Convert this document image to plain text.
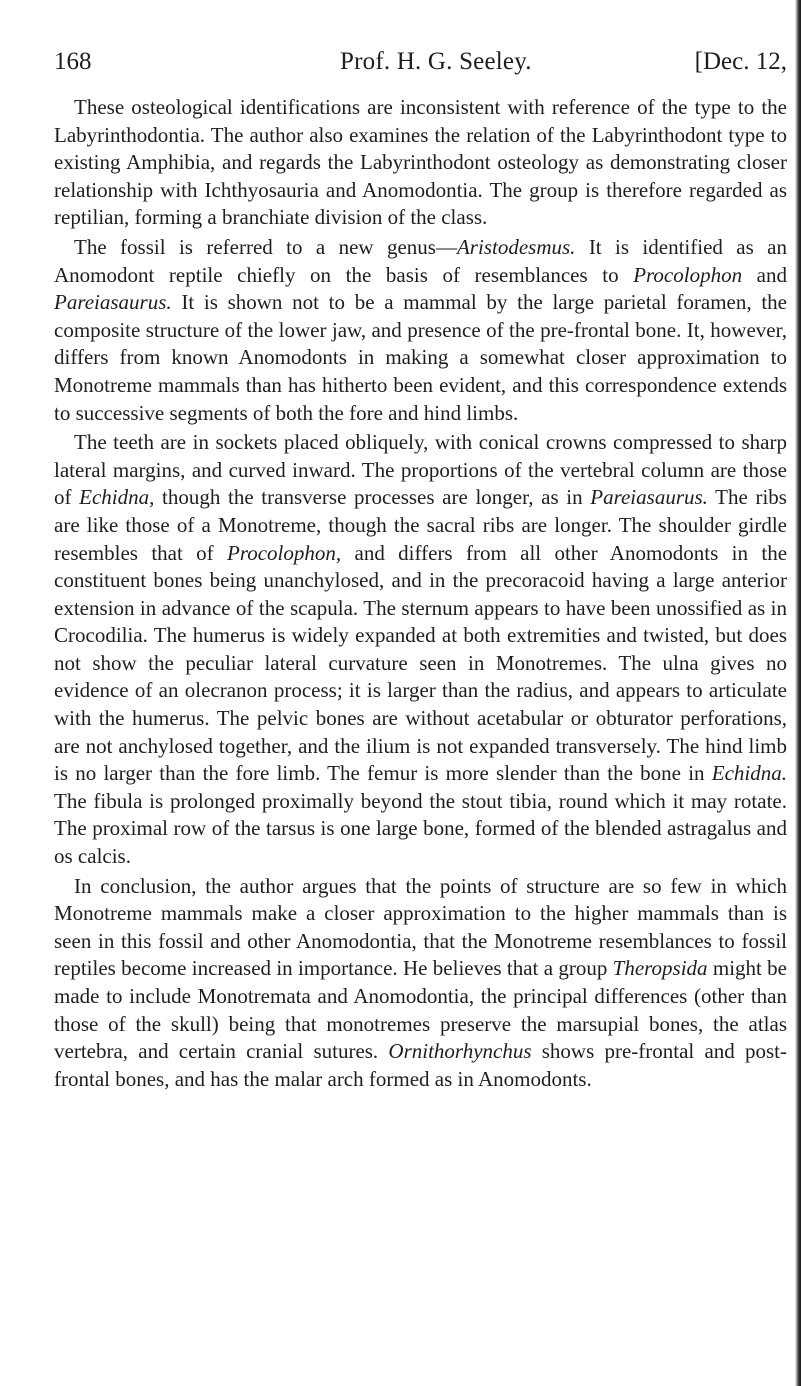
168	Prof. H. G. Seeley.	[Dec. 12,

These osteological identifications are inconsistent with reference of the type to the Labyrinthodontia. The author also examines the relation of the Labyrinthodont type to existing Amphibia, and regards the Labyrinthodont osteology as demonstrating closer relationship with Ichthyosauria and Anomodontia. The group is therefore regarded as reptilian, forming a branchiate division of the class.

The fossil is referred to a new genus—Aristodesmus. It is identified as an Anomodont reptile chiefly on the basis of resemblances to Procolophon and Pareiasaurus. It is shown not to be a mammal by the large parietal foramen, the composite structure of the lower jaw, and presence of the pre-frontal bone. It, however, differs from known Anomodonts in making a somewhat closer approximation to Monotreme mammals than has hitherto been evident, and this correspondence extends to successive segments of both the fore and hind limbs.

The teeth are in sockets placed obliquely, with conical crowns compressed to sharp lateral margins, and curved inward. The proportions of the vertebral column are those of Echidna, though the transverse processes are longer, as in Pareiasaurus. The ribs are like those of a Monotreme, though the sacral ribs are longer. The shoulder girdle resembles that of Procolophon, and differs from all other Anomodonts in the constituent bones being unanchylosed, and in the precoracoid having a large anterior extension in advance of the scapula. The sternum appears to have been unossified as in Crocodilia. The humerus is widely expanded at both extremities and twisted, but does not show the peculiar lateral curvature seen in Monotremes. The ulna gives no evidence of an olecranon process; it is larger than the radius, and appears to articulate with the humerus. The pelvic bones are without acetabular or obturator perforations, are not anchylosed together, and the ilium is not expanded transversely. The hind limb is no larger than the fore limb. The femur is more slender than the bone in Echidna. The fibula is prolonged proximally beyond the stout tibia, round which it may rotate. The proximal row of the tarsus is one large bone, formed of the blended astragalus and os calcis.

In conclusion, the author argues that the points of structure are so few in which Monotreme mammals make a closer approximation to the higher mammals than is seen in this fossil and other Anomodontia, that the Monotreme resemblances to fossil reptiles become increased in importance. He believes that a group Theropsida might be made to include Monotremata and Anomodontia, the principal differences (other than those of the skull) being that monotremes preserve the marsupial bones, the atlas vertebra, and certain cranial sutures. Ornithorhynchus shows pre-frontal and post-frontal bones, and has the malar arch formed as in Anomodonts.
